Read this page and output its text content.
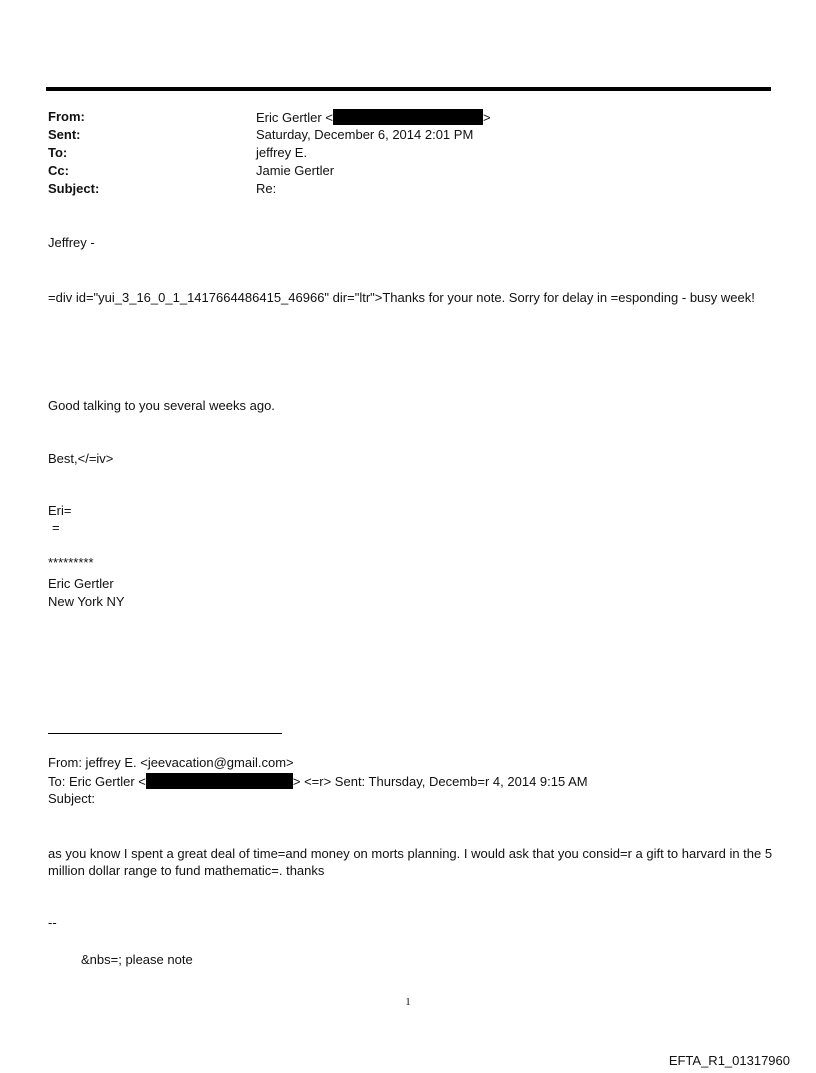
From:	Eric Gertler <	>
Sent:	Saturday, December 6, 2014 2:01 PM
To:	jeffrey E.
Cc:	Jamie Gertler
Subject:	Re:
Jeffrey -
=div id="yui_3_16_0_1_1417664486415_46966" dir="ltr">Thanks for your note. Sorry for delay in =esponding - busy week!
Good talking to you several weeks ago.
Best,</=iv>
Eri=
=
*********
Eric Gertler
New York NY
From: jeffrey E. <jeevacation@gmail.com>
To: Eric Gertler <	> <=r> Sent: Thursday, Decemb=r 4, 2014 9:15 AM
Subject:
as you know I spent a great deal of time=and money on morts planning. I would ask that you consid=r a gift to harvard in the 5 million dollar range to fund mathematic=. thanks
--
&nbs=; please note
1
EFTA_R1_01317960
